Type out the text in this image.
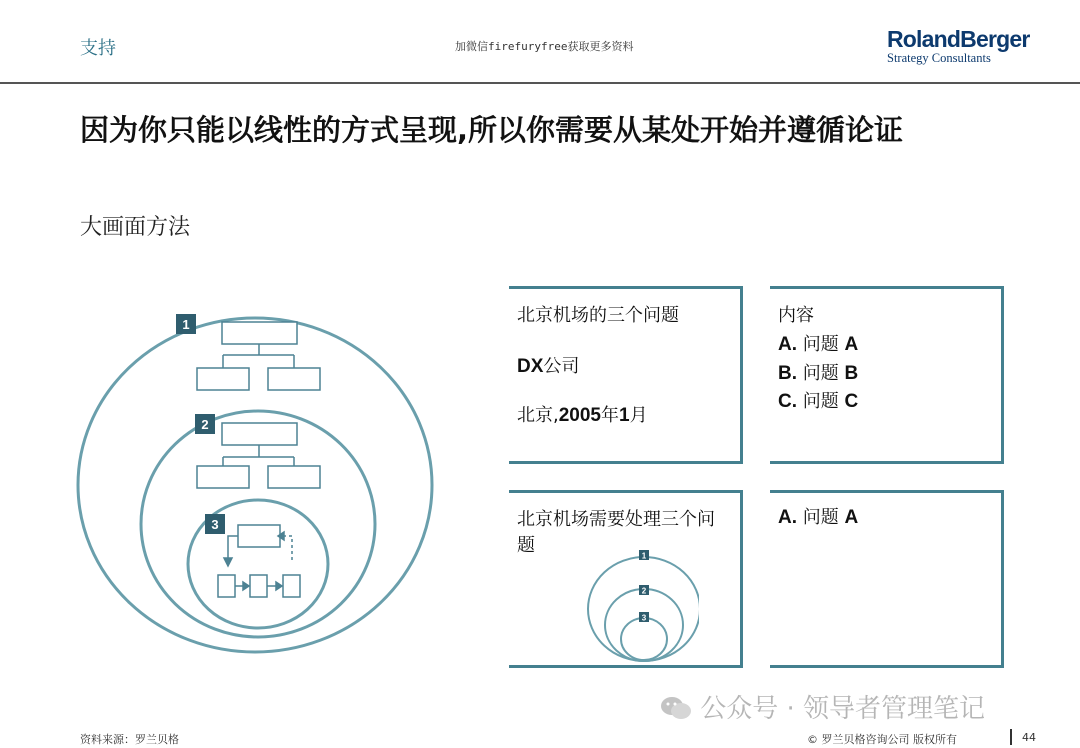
支持	加微信firefuryfree获取更多资料	RolandBerger
Strategy Consultants
因为你只能以线性的方式呈现,所以你需要从某处开始并遵循论证
大画面方法
1
2
3
北京机场的三个问题
DX公司
北京,2005年1月
内容
A. 问题 A
B. 问题 B
C. 问题 C
北京机场需要处理三个问题	1
2
3
A. 问题 A
公众号 · 领导者管理笔记
资料来源：罗兰贝格	© 罗兰贝格咨询公司 版权所有	44
